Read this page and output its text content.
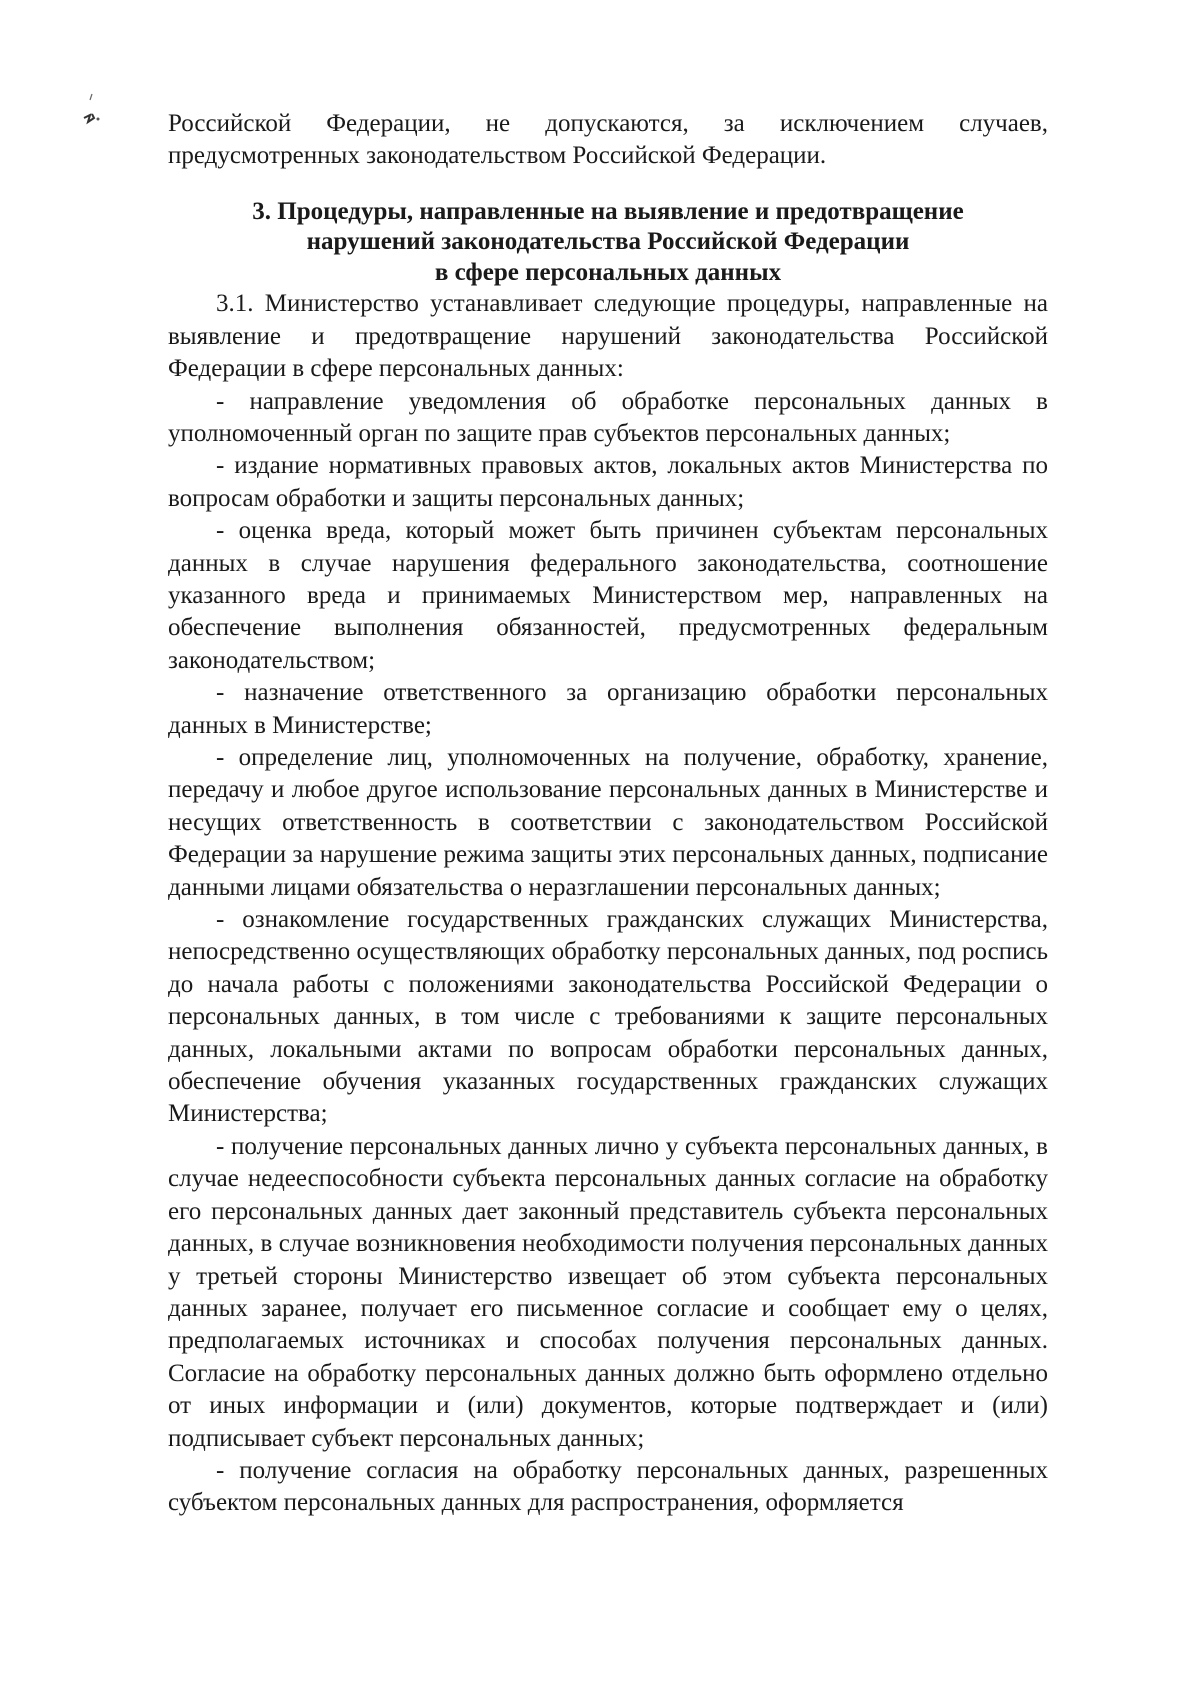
Российской Федерации, не допускаются, за исключением случаев, предусмотренных законодательством Российской Федерации.

3. Процедуры, направленные на выявление и предотвращение
нарушений законодательства Российской Федерации
в сфере персональных данных

3.1. Министерство устанавливает следующие процедуры, направленные на выявление и предотвращение нарушений законодательства Российской Федерации в сфере персональных данных:

- направление уведомления об обработке персональных данных в уполномоченный орган по защите прав субъектов персональных данных;

- издание нормативных правовых актов, локальных актов Министерства по вопросам обработки и защиты персональных данных;

- оценка вреда, который может быть причинен субъектам персональных данных в случае нарушения федерального законодательства, соотношение указанного вреда и принимаемых Министерством мер, направленных на обеспечение выполнения обязанностей, предусмотренных федеральным законодательством;

- назначение ответственного за организацию обработки персональных данных в Министерстве;

- определение лиц, уполномоченных на получение, обработку, хранение, передачу и любое другое использование персональных данных в Министерстве и несущих ответственность в соответствии с законодательством Российской Федерации за нарушение режима защиты этих персональных данных, подписание данными лицами обязательства о неразглашении персональных данных;

- ознакомление государственных гражданских служащих Министерства, непосредственно осуществляющих обработку персональных данных, под роспись до начала работы с положениями законодательства Российской Федерации о персональных данных, в том числе с требованиями к защите персональных данных, локальными актами по вопросам обработки персональных данных, обеспечение обучения указанных государственных гражданских служащих Министерства;

- получение персональных данных лично у субъекта персональных данных, в случае недееспособности субъекта персональных данных согласие на обработку его персональных данных дает законный представитель субъекта персональных данных, в случае возникновения необходимости получения персональных данных у третьей стороны Министерство извещает об этом субъекта персональных данных заранее, получает его письменное согласие и сообщает ему о целях, предполагаемых источниках и способах получения персональных данных. Согласие на обработку персональных данных должно быть оформлено отдельно от иных информации и (или) документов, которые подтверждает и (или) подписывает субъект персональных данных;

- получение согласия на обработку персональных данных, разрешенных субъектом персональных данных для распространения, оформляется
